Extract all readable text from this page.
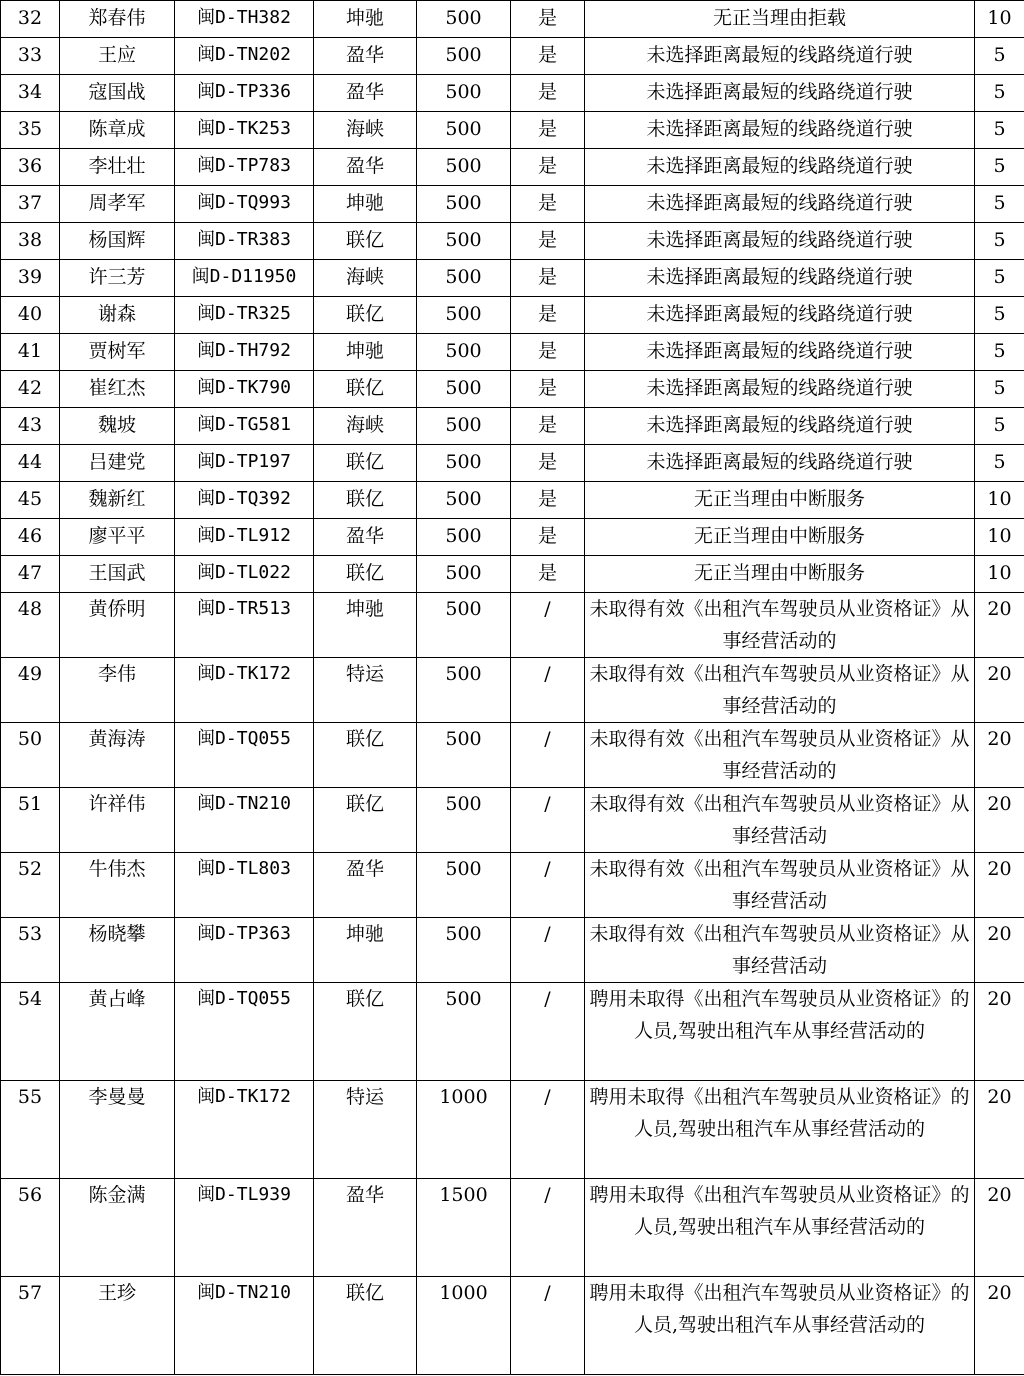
32	郑春伟	闽D-TH382	坤驰	500	是	无正当理由拒载	10
33	王应	闽D-TN202	盈华	500	是	未选择距离最短的线路绕道行驶	5
34	寇国战	闽D-TP336	盈华	500	是	未选择距离最短的线路绕道行驶	5
35	陈章成	闽D-TK253	海峡	500	是	未选择距离最短的线路绕道行驶	5
36	李壮壮	闽D-TP783	盈华	500	是	未选择距离最短的线路绕道行驶	5
37	周孝军	闽D-TQ993	坤驰	500	是	未选择距离最短的线路绕道行驶	5
38	杨国辉	闽D-TR383	联亿	500	是	未选择距离最短的线路绕道行驶	5
39	许三芳	闽D-D11950	海峡	500	是	未选择距离最短的线路绕道行驶	5
40	谢森	闽D-TR325	联亿	500	是	未选择距离最短的线路绕道行驶	5
41	贾树军	闽D-TH792	坤驰	500	是	未选择距离最短的线路绕道行驶	5
42	崔红杰	闽D-TK790	联亿	500	是	未选择距离最短的线路绕道行驶	5
43	魏坡	闽D-TG581	海峡	500	是	未选择距离最短的线路绕道行驶	5
44	吕建党	闽D-TP197	联亿	500	是	未选择距离最短的线路绕道行驶	5
45	魏新红	闽D-TQ392	联亿	500	是	无正当理由中断服务	10
46	廖平平	闽D-TL912	盈华	500	是	无正当理由中断服务	10
47	王国武	闽D-TL022	联亿	500	是	无正当理由中断服务	10
48	黄侨明	闽D-TR513	坤驰	500	/	未取得有效《出租汽车驾驶员从业资格证》从事经营活动的	20
49	李伟	闽D-TK172	特运	500	/	未取得有效《出租汽车驾驶员从业资格证》从事经营活动的	20
50	黄海涛	闽D-TQ055	联亿	500	/	未取得有效《出租汽车驾驶员从业资格证》从事经营活动的	20
51	许祥伟	闽D-TN210	联亿	500	/	未取得有效《出租汽车驾驶员从业资格证》从事经营活动	20
52	牛伟杰	闽D-TL803	盈华	500	/	未取得有效《出租汽车驾驶员从业资格证》从事经营活动	20
53	杨晓攀	闽D-TP363	坤驰	500	/	未取得有效《出租汽车驾驶员从业资格证》从事经营活动	20
54	黄占峰	闽D-TQ055	联亿	500	/	聘用未取得《出租汽车驾驶员从业资格证》的人员,驾驶出租汽车从事经营活动的	20
55	李曼曼	闽D-TK172	特运	1000	/	聘用未取得《出租汽车驾驶员从业资格证》的人员,驾驶出租汽车从事经营活动的	20
56	陈金满	闽D-TL939	盈华	1500	/	聘用未取得《出租汽车驾驶员从业资格证》的人员,驾驶出租汽车从事经营活动的	20
57	王珍	闽D-TN210	联亿	1000	/	聘用未取得《出租汽车驾驶员从业资格证》的人员,驾驶出租汽车从事经营活动的	20
